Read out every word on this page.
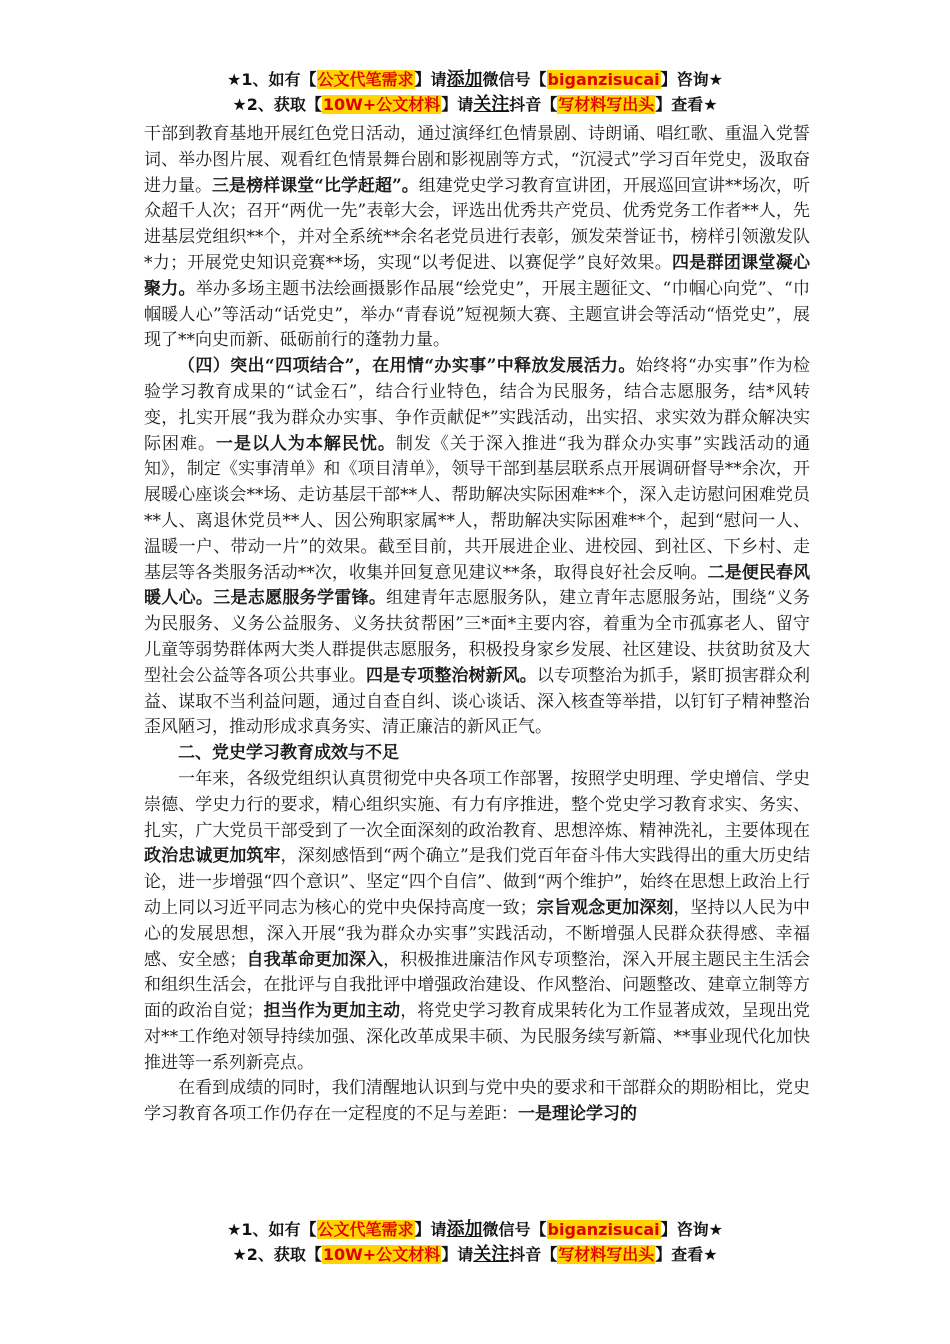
★1、如有【公文代笔需求】请添加微信号【biganzisucai】咨询★
★2、获取【10W+公文材料】请关注抖音【写材料写出头】查看★

干部到教育基地开展红色党日活动，通过演绎红色情景剧、诗朗诵、唱红歌、重温入党誓词、举办图片展、观看红色情景舞台剧和影视剧等方式，“沉浸式”学习百年党史，汲取奋进力量。三是榜样课堂“比学赶超”。组建党史学习教育宣讲团，开展巡回宣讲**场次，听众超千人次；召开“两优一先”表彰大会，评选出优秀共产党员、优秀党务工作者**人，先进基层党组织**个，并对全系统**余名老党员进行表彰，颁发荣誉证书，榜样引领激发队*力；开展党史知识竞赛**场，实现“以考促进、以赛促学”良好效果。四是群团课堂凝心聚力。举办多场主题书法绘画摄影作品展“绘党史”，开展主题征文、“巾帼心向党”、“巾帼暖人心”等活动“话党史”，举办“青春说”短视频大赛、主题宣讲会等活动“悟党史”，展现了**向史而新、砥砺前行的蓬勃力量。

（四）突出“四项结合”，在用情“办实事”中释放发展活力。始终将“办实事”作为检验学习教育成果的“试金石”，结合行业特色，结合为民服务，结合志愿服务，结*风转变，扎实开展“我为群众办实事、争作贡献促*”实践活动，出实招、求实效为群众解决实际困难。一是以人为本解民忧。制发《关于深入推进“我为群众办实事”实践活动的通知》，制定《实事清单》和《项目清单》，领导干部到基层联系点开展调研督导**余次，开展暖心座谈会**场、走访基层干部**人、帮助解决实际困难**个，深入走访慰问困难党员**人、离退休党员**人、因公殉职家属**人，帮助解决实际困难**个，起到“慰问一人、温暖一户、带动一片”的效果。截至目前，共开展进企业、进校园、到社区、下乡村、走基层等各类服务活动**次，收集并回复意见建议**条，取得良好社会反响。二是便民春风暖人心。三是志愿服务学雷锋。组建青年志愿服务队，建立青年志愿服务站，围绕“义务为民服务、义务公益服务、义务扶贫帮困”三*面*主要内容，着重为全市孤寡老人、留守儿童等弱势群体两大类人群提供志愿服务，积极投身家乡发展、社区建设、扶贫助贫及大型社会公益等各项公共事业。四是专项整治树新风。以专项整治为抓手，紧盯损害群众利益、谋取不当利益问题，通过自查自纠、谈心谈话、深入核查等举措，以钉钉子精神整治歪风陋习，推动形成求真务实、清正廉洁的新风正气。

二、党史学习教育成效与不足

一年来，各级党组织认真贯彻党中央各项工作部署，按照学史明理、学史增信、学史崇德、学史力行的要求，精心组织实施、有力有序推进，整个党史学习教育求实、务实、扎实，广大党员干部受到了一次全面深刻的政治教育、思想淬炼、精神洗礼，主要体现在政治忠诚更加筑牢，深刻感悟到“两个确立”是我们党百年奋斗伟大实践得出的重大历史结论，进一步增强“四个意识”、坚定“四个自信”、做到“两个维护”，始终在思想上政治上行动上同以习近平同志为核心的党中央保持高度一致；宗旨观念更加深刻，坚持以人民为中心的发展思想，深入开展“我为群众办实事”实践活动，不断增强人民群众获得感、幸福感、安全感；自我革命更加深入，积极推进廉洁作风专项整治，深入开展主题民主生活会和组织生活会，在批评与自我批评中增强政治建设、作风整治、问题整改、建章立制等方面的政治自觉；担当作为更加主动，将党史学习教育成果转化为工作显著成效，呈现出党对**工作绝对领导持续加强、深化改革成果丰硕、为民服务续写新篇、**事业现代化加快推进等一系列新亮点。

在看到成绩的同时，我们清醒地认识到与党中央的要求和干部群众的期盼相比，党史学习教育各项工作仍存在一定程度的不足与差距：一是理论学习的

★1、如有【公文代笔需求】请添加微信号【biganzisucai】咨询★
★2、获取【10W+公文材料】请关注抖音【写材料写出头】查看★
